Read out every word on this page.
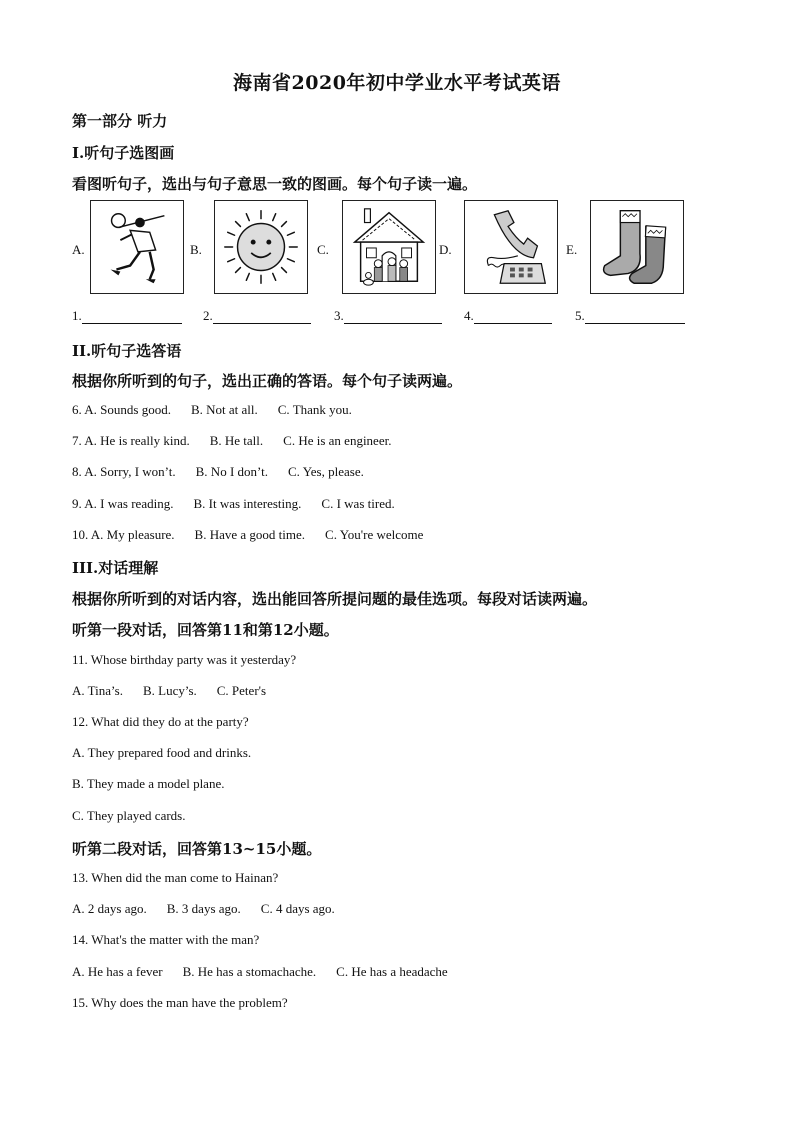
海南省2020年初中学业水平考试英语
第一部分 听力
I.听句子选图画
看图听句子，选出与句子意思一致的图画。每个句子读一遍。
A.	B.	C.	D.	E.
1.	2.	3.	4.	5.
II.听句子选答语
根据你所听到的句子，选出正确的答语。每个句子读两遍。
6. A. Sounds good. B. Not at all. C. Thank you.
7. A. He is really kind. B. He tall. C. He is an engineer.
8. A. Sorry, I won’t. B. No I don’t. C. Yes, please.
9. A. I was reading. B. It was interesting. C. I was tired.
10. A. My pleasure. B. Have a good time. C. You're welcome
III.对话理解
根据你所听到的对话内容，选出能回答所提问题的最佳选项。每段对话读两遍。
听第一段对话，回答第11和第12小题。
11. Whose birthday party was it yesterday?
A. Tina’s. B. Lucy’s. C. Peter's
12. What did they do at the party?
A. They prepared food and drinks.
B. They made a model plane.
C. They played cards.
听第二段对话，回答第13~15小题。
13. When did the man come to Hainan?
A. 2 days ago. B. 3 days ago. C. 4 days ago.
14. What's the matter with the man?
A. He has a fever B. He has a stomachache. C. He has a headache
15. Why does the man have the problem?
